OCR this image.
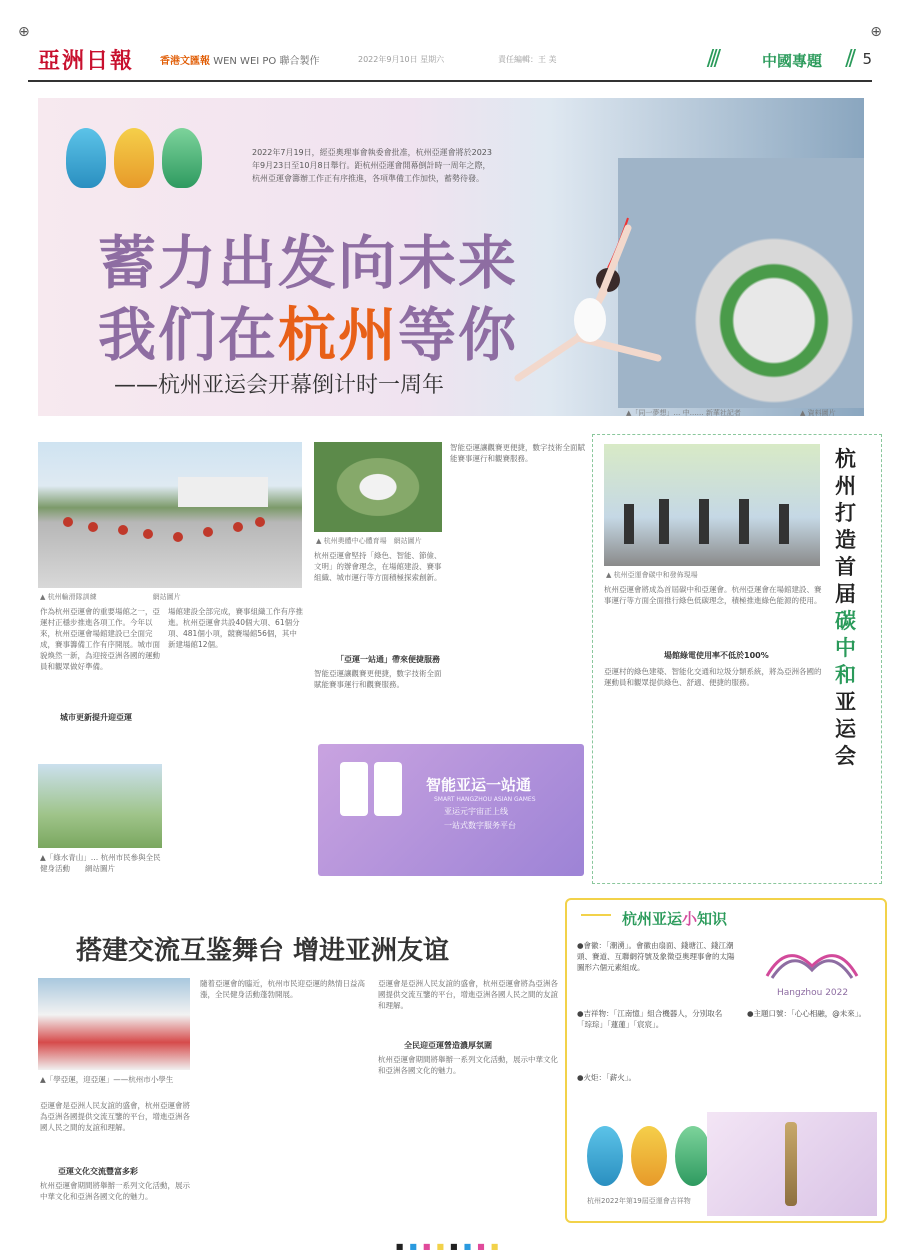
⊕	⊕
亞洲日報	香港文匯報 WEN WEI PO 聯合製作	2022年9月10日 星期六	責任編輯：王 美	∕∕∕	中國專題 ∕∕ 5
2022年7月19日，經亞奧理事會執委會批准，杭州亞運會將於2023年9月23日至10月8日舉行。距杭州亞運會開幕倒計時一周年之際，杭州亞運會籌辦工作正有序推進，各項準備工作加快，蓄勢待發。
蓄力出发向未来
我们在杭州等你
——杭州亚运会开幕倒计时一周年
▲「同一夢想」… 中…… 新華社記者	▲ 資料圖片
▲ 杭州輪滑隊訓練　　　　　　　　網站圖片
作為杭州亞運會的重要場館之一，亞運村正穩步推進各項工作。今年以來，杭州亞運會場館建設已全面完成，賽事籌備工作有序開展。城市面貌煥然一新，為迎接亞洲各國的運動員和觀眾做好準備。
城市更新提升迎亞運
▲「綠水青山」… 杭州市民參與全民健身活動　　網站圖片
場館建設全部完成，賽事組織工作有序推進。杭州亞運會共設40個大項、61個分項、481個小項，競賽場館56個，其中新建場館12個。
▲ 杭州奧體中心體育場　網站圖片
杭州亞運會堅持「綠色、智能、節儉、文明」的辦會理念，在場館建設、賽事組織、城市運行等方面積極探索創新。
「亞運一站通」帶來便捷服務
智能亞運讓觀賽更便捷，數字技術全面賦能賽事運行和觀賽服務。
智能亞運讓觀賽更便捷，數字技術全面賦能賽事運行和觀賽服務。
智能亚运一站通
SMART HANGZHOU ASIAN GAMES
亚运元宇宙正上线
一站式数字服务平台
▲ 杭州亞運會碳中和發佈現場
杭州打造首届碳中和亚运会
杭州亞運會將成為首屆碳中和亞運會。杭州亞運會在場館建設、賽事運行等方面全面推行綠色低碳理念，積極推進綠色能源的使用。
場館綠電使用率不低於100%
亞運村的綠色建築、智能化交通和垃圾分類系統，將為亞洲各國的運動員和觀眾提供綠色、舒適、便捷的服務。
搭建交流互鉴舞台 增进亚洲友谊
▲「學亞運，迎亞運」——杭州市小學生
亞運會是亞洲人民友誼的盛會，杭州亞運會將為亞洲各國提供交流互鑒的平台，增進亞洲各國人民之間的友誼和理解。
亞運文化交流豐富多彩
杭州亞運會期間將舉辦一系列文化活動，展示中華文化和亞洲各國文化的魅力。
隨着亞運會的臨近，杭州市民迎亞運的熱情日益高漲，全民健身活動蓬勃開展。
亞運會是亞洲人民友誼的盛會，杭州亞運會將為亞洲各國提供交流互鑒的平台，增進亞洲各國人民之間的友誼和理解。
全民迎亞運營造濃厚氛圍
杭州亞運會期間將舉辦一系列文化活動，展示中華文化和亞洲各國文化的魅力。
杭州亚运小知识
●會徽：「潮湧」。會徽由扇面、錢塘江、錢江潮頭、賽道、互聯網符號及象徵亞奧理事會的太陽圖形六個元素組成。
●吉祥物：「江南憶」組合機器人，分別取名「琮琮」「蓮蓮」「宸宸」。
Hangzhou 2022
●主題口號：「心心相融，@未來」。
●火炬：「薪火」。
杭州2022年第19屆亞運會吉祥物
■■■■■■■■
